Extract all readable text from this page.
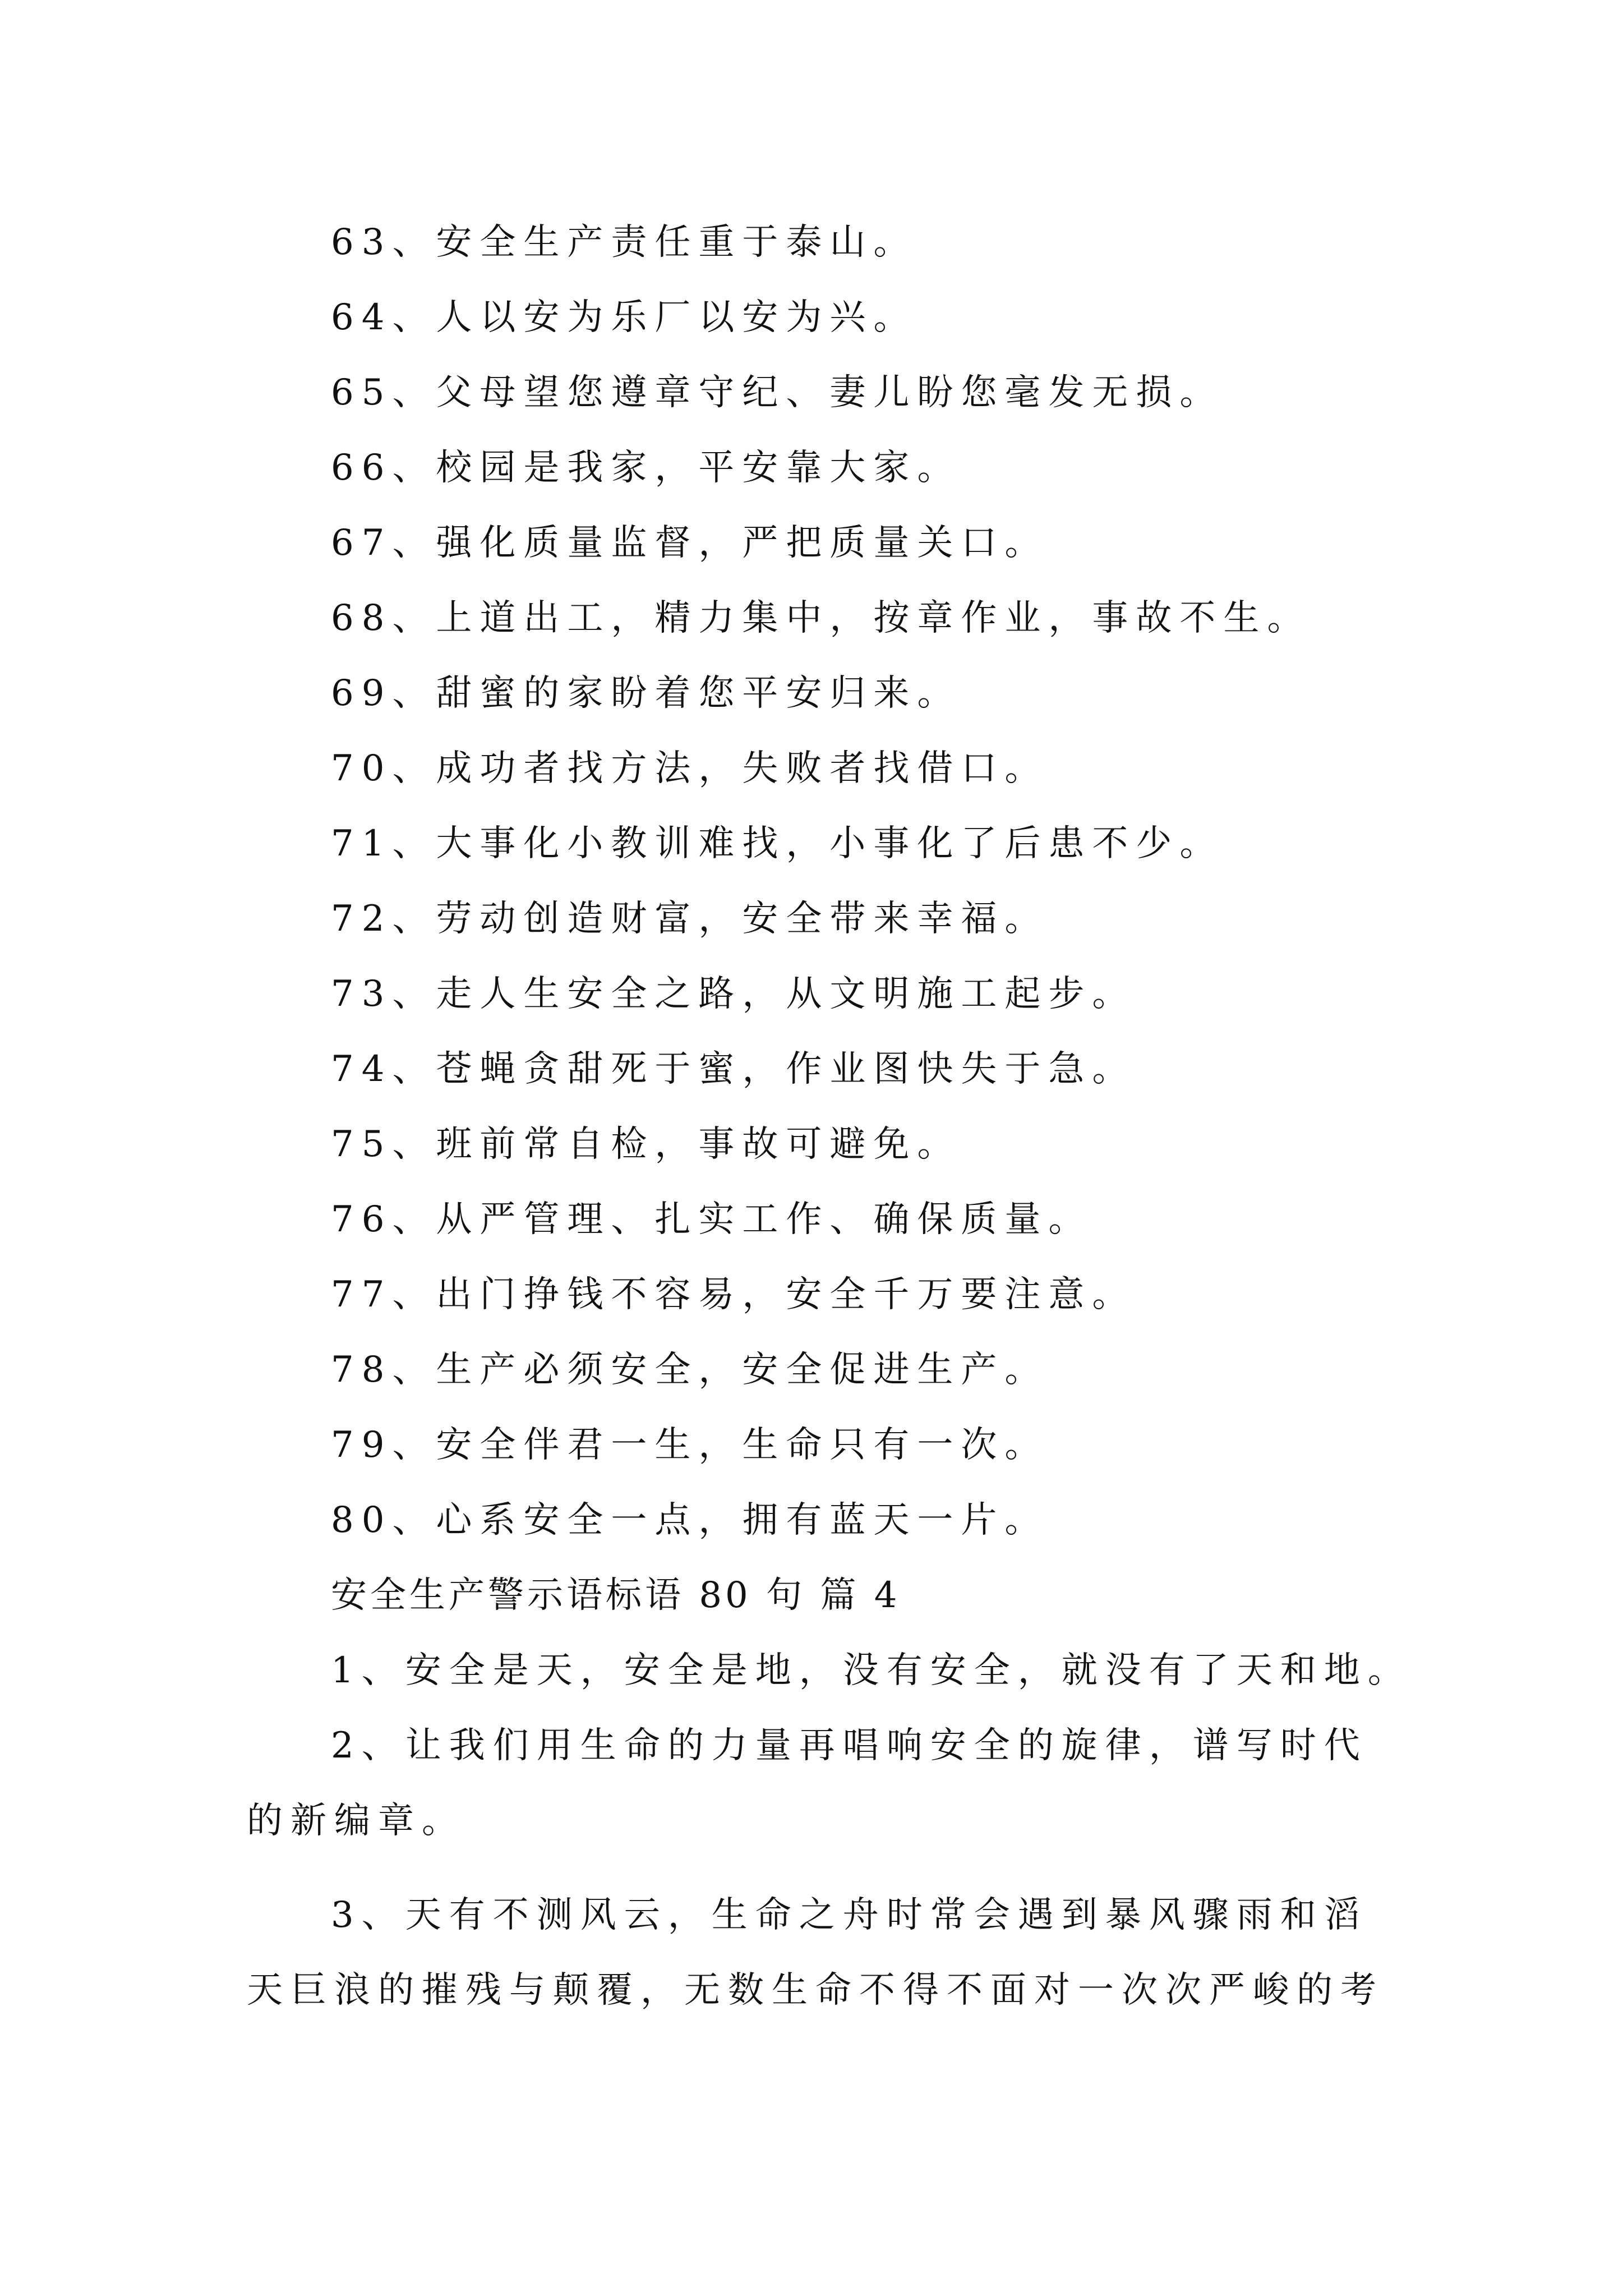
63、安全生产责任重于泰山。
64、人以安为乐厂以安为兴。
65、父母望您遵章守纪、妻儿盼您毫发无损。
66、校园是我家，平安靠大家。
67、强化质量监督，严把质量关口。
68、上道出工，精力集中，按章作业，事故不生。
69、甜蜜的家盼着您平安归来。
70、成功者找方法，失败者找借口。
71、大事化小教训难找，小事化了后患不少。
72、劳动创造财富，安全带来幸福。
73、走人生安全之路，从文明施工起步。
74、苍蝇贪甜死于蜜，作业图快失于急。
75、班前常自检，事故可避免。
76、从严管理、扎实工作、确保质量。
77、出门挣钱不容易，安全千万要注意。
78、生产必须安全，安全促进生产。
79、安全伴君一生，生命只有一次。
80、心系安全一点，拥有蓝天一片。
安全生产警示语标语 80 句 篇 4
1、安全是天，安全是地，没有安全，就没有了天和地。
2、让我们用生命的力量再唱响安全的旋律，谱写时代
的新编章。
3、天有不测风云，生命之舟时常会遇到暴风骤雨和滔
天巨浪的摧残与颠覆，无数生命不得不面对一次次严峻的考
